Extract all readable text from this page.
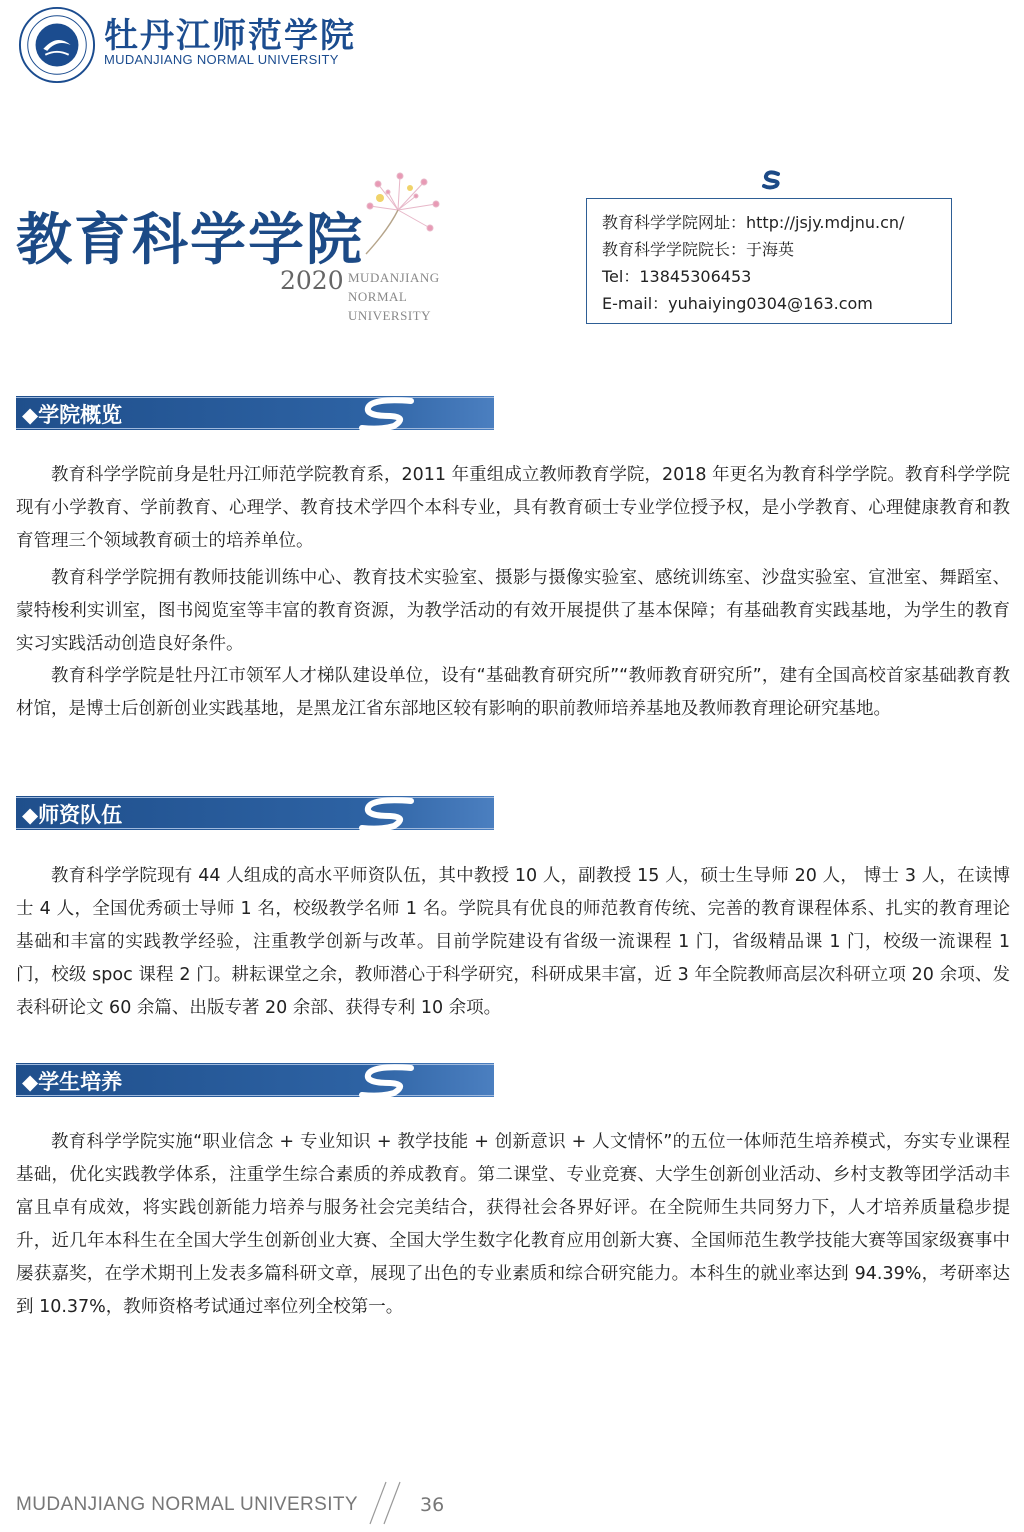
牡丹江师范学院
MUDANJIANG NORMAL UNIVERSITY
教育科学学院
2020 MUDANJIANG
NORMAL
UNIVERSITY
教育科学学院网址：http://jsjy.mdjnu.cn/
教育科学学院院长：于海英
Tel：13845306453
E-mail：yuhaiying0304@163.com
◆学院概览
教育科学学院前身是牡丹江师范学院教育系，2011 年重组成立教师教育学院，2018 年更名为教育科学学院。教育科学学院现有小学教育、学前教育、心理学、教育技术学四个本科专业，具有教育硕士专业学位授予权，是小学教育、心理健康教育和教育管理三个领域教育硕士的培养单位。
教育科学学院拥有教师技能训练中心、教育技术实验室、摄影与摄像实验室、感统训练室、沙盘实验室、宣泄室、舞蹈室、蒙特梭利实训室，图书阅览室等丰富的教育资源，为教学活动的有效开展提供了基本保障；有基础教育实践基地，为学生的教育实习实践活动创造良好条件。
教育科学学院是牡丹江市领军人才梯队建设单位，设有“基础教育研究所”“教师教育研究所”，建有全国高校首家基础教育教材馆，是博士后创新创业实践基地，是黑龙江省东部地区较有影响的职前教师培养基地及教师教育理论研究基地。
◆师资队伍
教育科学学院现有 44 人组成的高水平师资队伍，其中教授 10 人，副教授 15 人，硕士生导师 20 人， 博士 3 人，在读博士 4 人，全国优秀硕士导师 1 名，校级教学名师 1 名。学院具有优良的师范教育传统、完善的教育课程体系、扎实的教育理论基础和丰富的实践教学经验，注重教学创新与改革。目前学院建设有省级一流课程 1 门，省级精品课 1 门，校级一流课程 1 门，校级 spoc 课程 2 门。耕耘课堂之余，教师潜心于科学研究，科研成果丰富，近 3 年全院教师高层次科研立项 20 余项、发表科研论文 60 余篇、出版专著 20 余部、获得专利 10 余项。
◆学生培养
教育科学学院实施“职业信念 + 专业知识 + 教学技能 + 创新意识 + 人文情怀”的五位一体师范生培养模式，夯实专业课程基础，优化实践教学体系，注重学生综合素质的养成教育。第二课堂、专业竞赛、大学生创新创业活动、乡村支教等团学活动丰富且卓有成效，将实践创新能力培养与服务社会完美结合，获得社会各界好评。在全院师生共同努力下，人才培养质量稳步提升，近几年本科生在全国大学生创新创业大赛、全国大学生数字化教育应用创新大赛、全国师范生教学技能大赛等国家级赛事中屡获嘉奖，在学术期刊上发表多篇科研文章，展现了出色的专业素质和综合研究能力。本科生的就业率达到 94.39%，考研率达到 10.37%，教师资格考试通过率位列全校第一。
MUDANJIANG NORMAL UNIVERSITY	36
